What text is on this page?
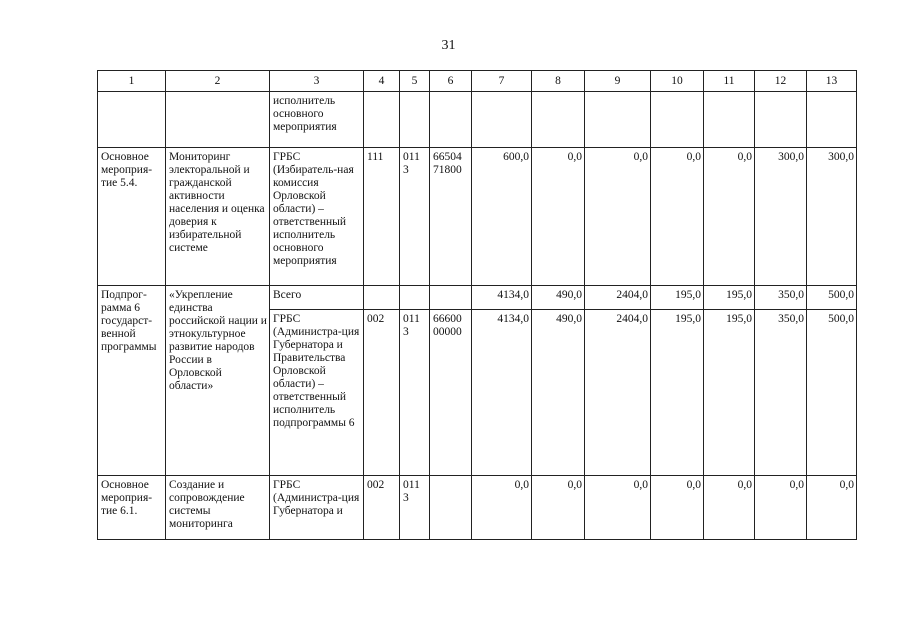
31
1	2	3	4	5	6	7	8	9	10	11	12	13
		исполнитель основного мероприятия										
Основное мероприя-тие 5.4.	Мониторинг электоральной и гражданской активности населения и оценка доверия к избирательной системе	ГРБС (Избиратель-ная комиссия Орловской области) – ответственный исполнитель основного мероприятия	111	011 3	66504 71800	600,0	0,0	0,0	0,0	0,0	300,0	300,0
Подпрог-рамма 6 государст-венной программы	«Укрепление единства российской нации и этнокультурное развитие народов России в Орловской области»	Всего				4134,0	490,0	2404,0	195,0	195,0	350,0	500,0
		ГРБС (Администра-ция Губернатора и Правительства Орловской области) – ответственный исполнитель подпрограммы 6	002	011 3	66600 00000	4134,0	490,0	2404,0	195,0	195,0	350,0	500,0
Основное мероприя-тие 6.1.	Создание и сопровождение системы мониторинга	ГРБС (Администра-ция Губернатора и	002	011 3		0,0	0,0	0,0	0,0	0,0	0,0	0,0
